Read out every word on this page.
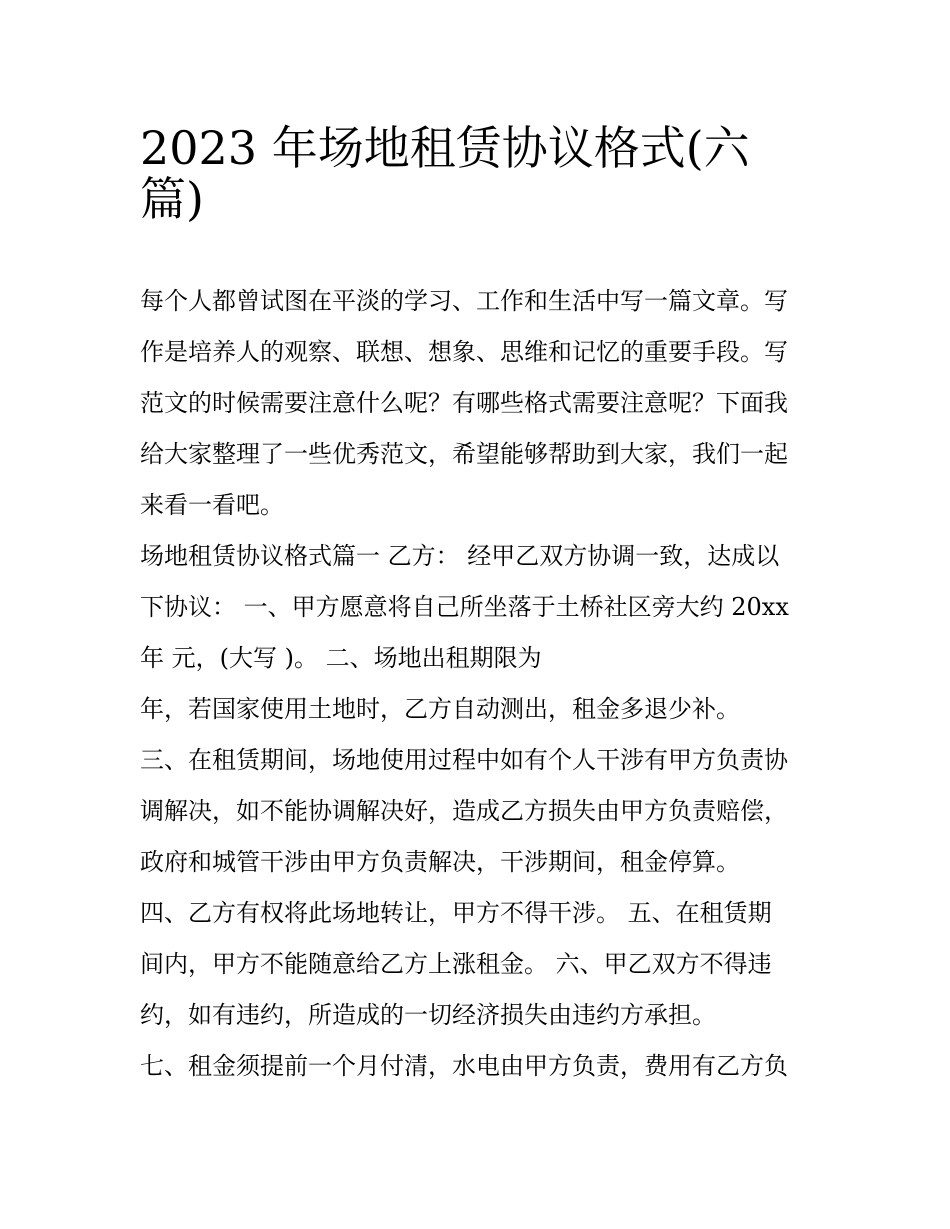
2023 年场地租赁协议格式(六
篇)

每个人都曾试图在平淡的学习、工作和生活中写一篇文章。写

作是培养人的观察、联想、想象、思维和记忆的重要手段。写

范文的时候需要注意什么呢？有哪些格式需要注意呢？下面我

给大家整理了一些优秀范文，希望能够帮助到大家，我们一起

来看一看吧。

场地租赁协议格式篇一 乙方： 经甲乙双方协调一致，达成以

下协议： 一、甲方愿意将自己所坐落于土桥社区旁大约 20xx

年 元，(大写 )。 二、场地出租期限为

年，若国家使用土地时，乙方自动测出，租金多退少补。

三、在租赁期间，场地使用过程中如有个人干涉有甲方负责协

调解决，如不能协调解决好，造成乙方损失由甲方负责赔偿，

政府和城管干涉由甲方负责解决，干涉期间，租金停算。

四、乙方有权将此场地转让，甲方不得干涉。 五、在租赁期

间内，甲方不能随意给乙方上涨租金。 六、甲乙双方不得违

约，如有违约，所造成的一切经济损失由违约方承担。

七、租金须提前一个月付清，水电由甲方负责，费用有乙方负
